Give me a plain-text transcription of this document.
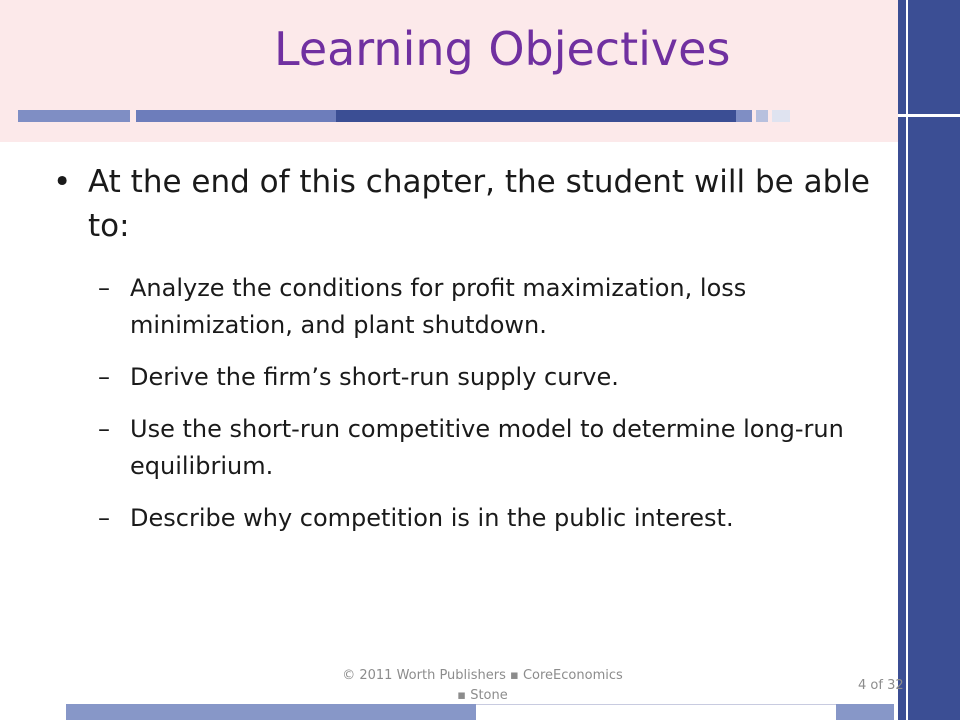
Learning Objectives
• At the end of this chapter, the student will be able to:
– Analyze the conditions for profit maximization, loss minimization, and plant shutdown.
– Derive the firm’s short-run supply curve.
– Use the short-run competitive model to determine long-run equilibrium.
– Describe why competition is in the public interest.
© 2011 Worth Publishers ▪ CoreEconomics
▪ Stone
4 of 32
